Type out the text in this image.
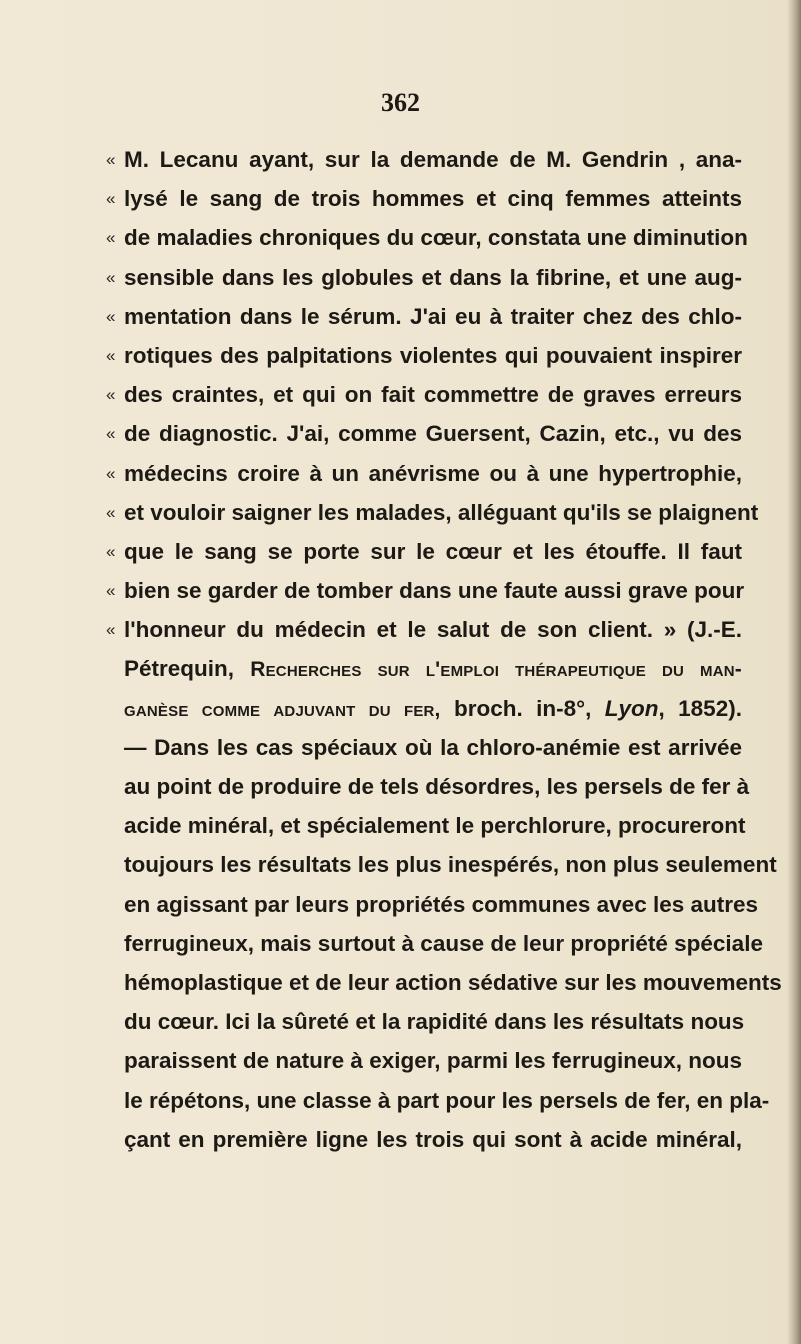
362
« M. Lecanu ayant, sur la demande de M. Gendrin , ana-
« lysé le sang de trois hommes et cinq femmes atteints
« de maladies chroniques du cœur, constata une diminution
« sensible dans les globules et dans la fibrine, et une aug-
« mentation dans le sérum. J'ai eu à traiter chez des chlo-
« rotiques des palpitations violentes qui pouvaient inspirer
« des craintes, et qui on fait commettre de graves erreurs
« de diagnostic. J'ai, comme Guersent, Cazin, etc., vu des
« médecins croire à un anévrisme ou à une hypertrophie,
« et vouloir saigner les malades, alléguant qu'ils se plaignent
« que le sang se porte sur le cœur et les étouffe. Il faut
« bien se garder de tomber dans une faute aussi grave pour
« l'honneur du médecin et le salut de son client. » (J.-E.
Pétrequin, Recherches sur l'emploi thérapeutique du man-
ganèse comme adjuvant du fer, broch. in-8°, Lyon, 1852).
— Dans les cas spéciaux où la chloro-anémie est arrivée
au point de produire de tels désordres, les persels de fer à
acide minéral, et spécialement le perchlorure, procureront
toujours les résultats les plus inespérés, non plus seulement
en agissant par leurs propriétés communes avec les autres
ferrugineux, mais surtout à cause de leur propriété spéciale
hémoplastique et de leur action sédative sur les mouvements
du cœur. Ici la sûreté et la rapidité dans les résultats nous
paraissent de nature à exiger, parmi les ferrugineux, nous
le répétons, une classe à part pour les persels de fer, en pla-
çant en première ligne les trois qui sont à acide minéral,
